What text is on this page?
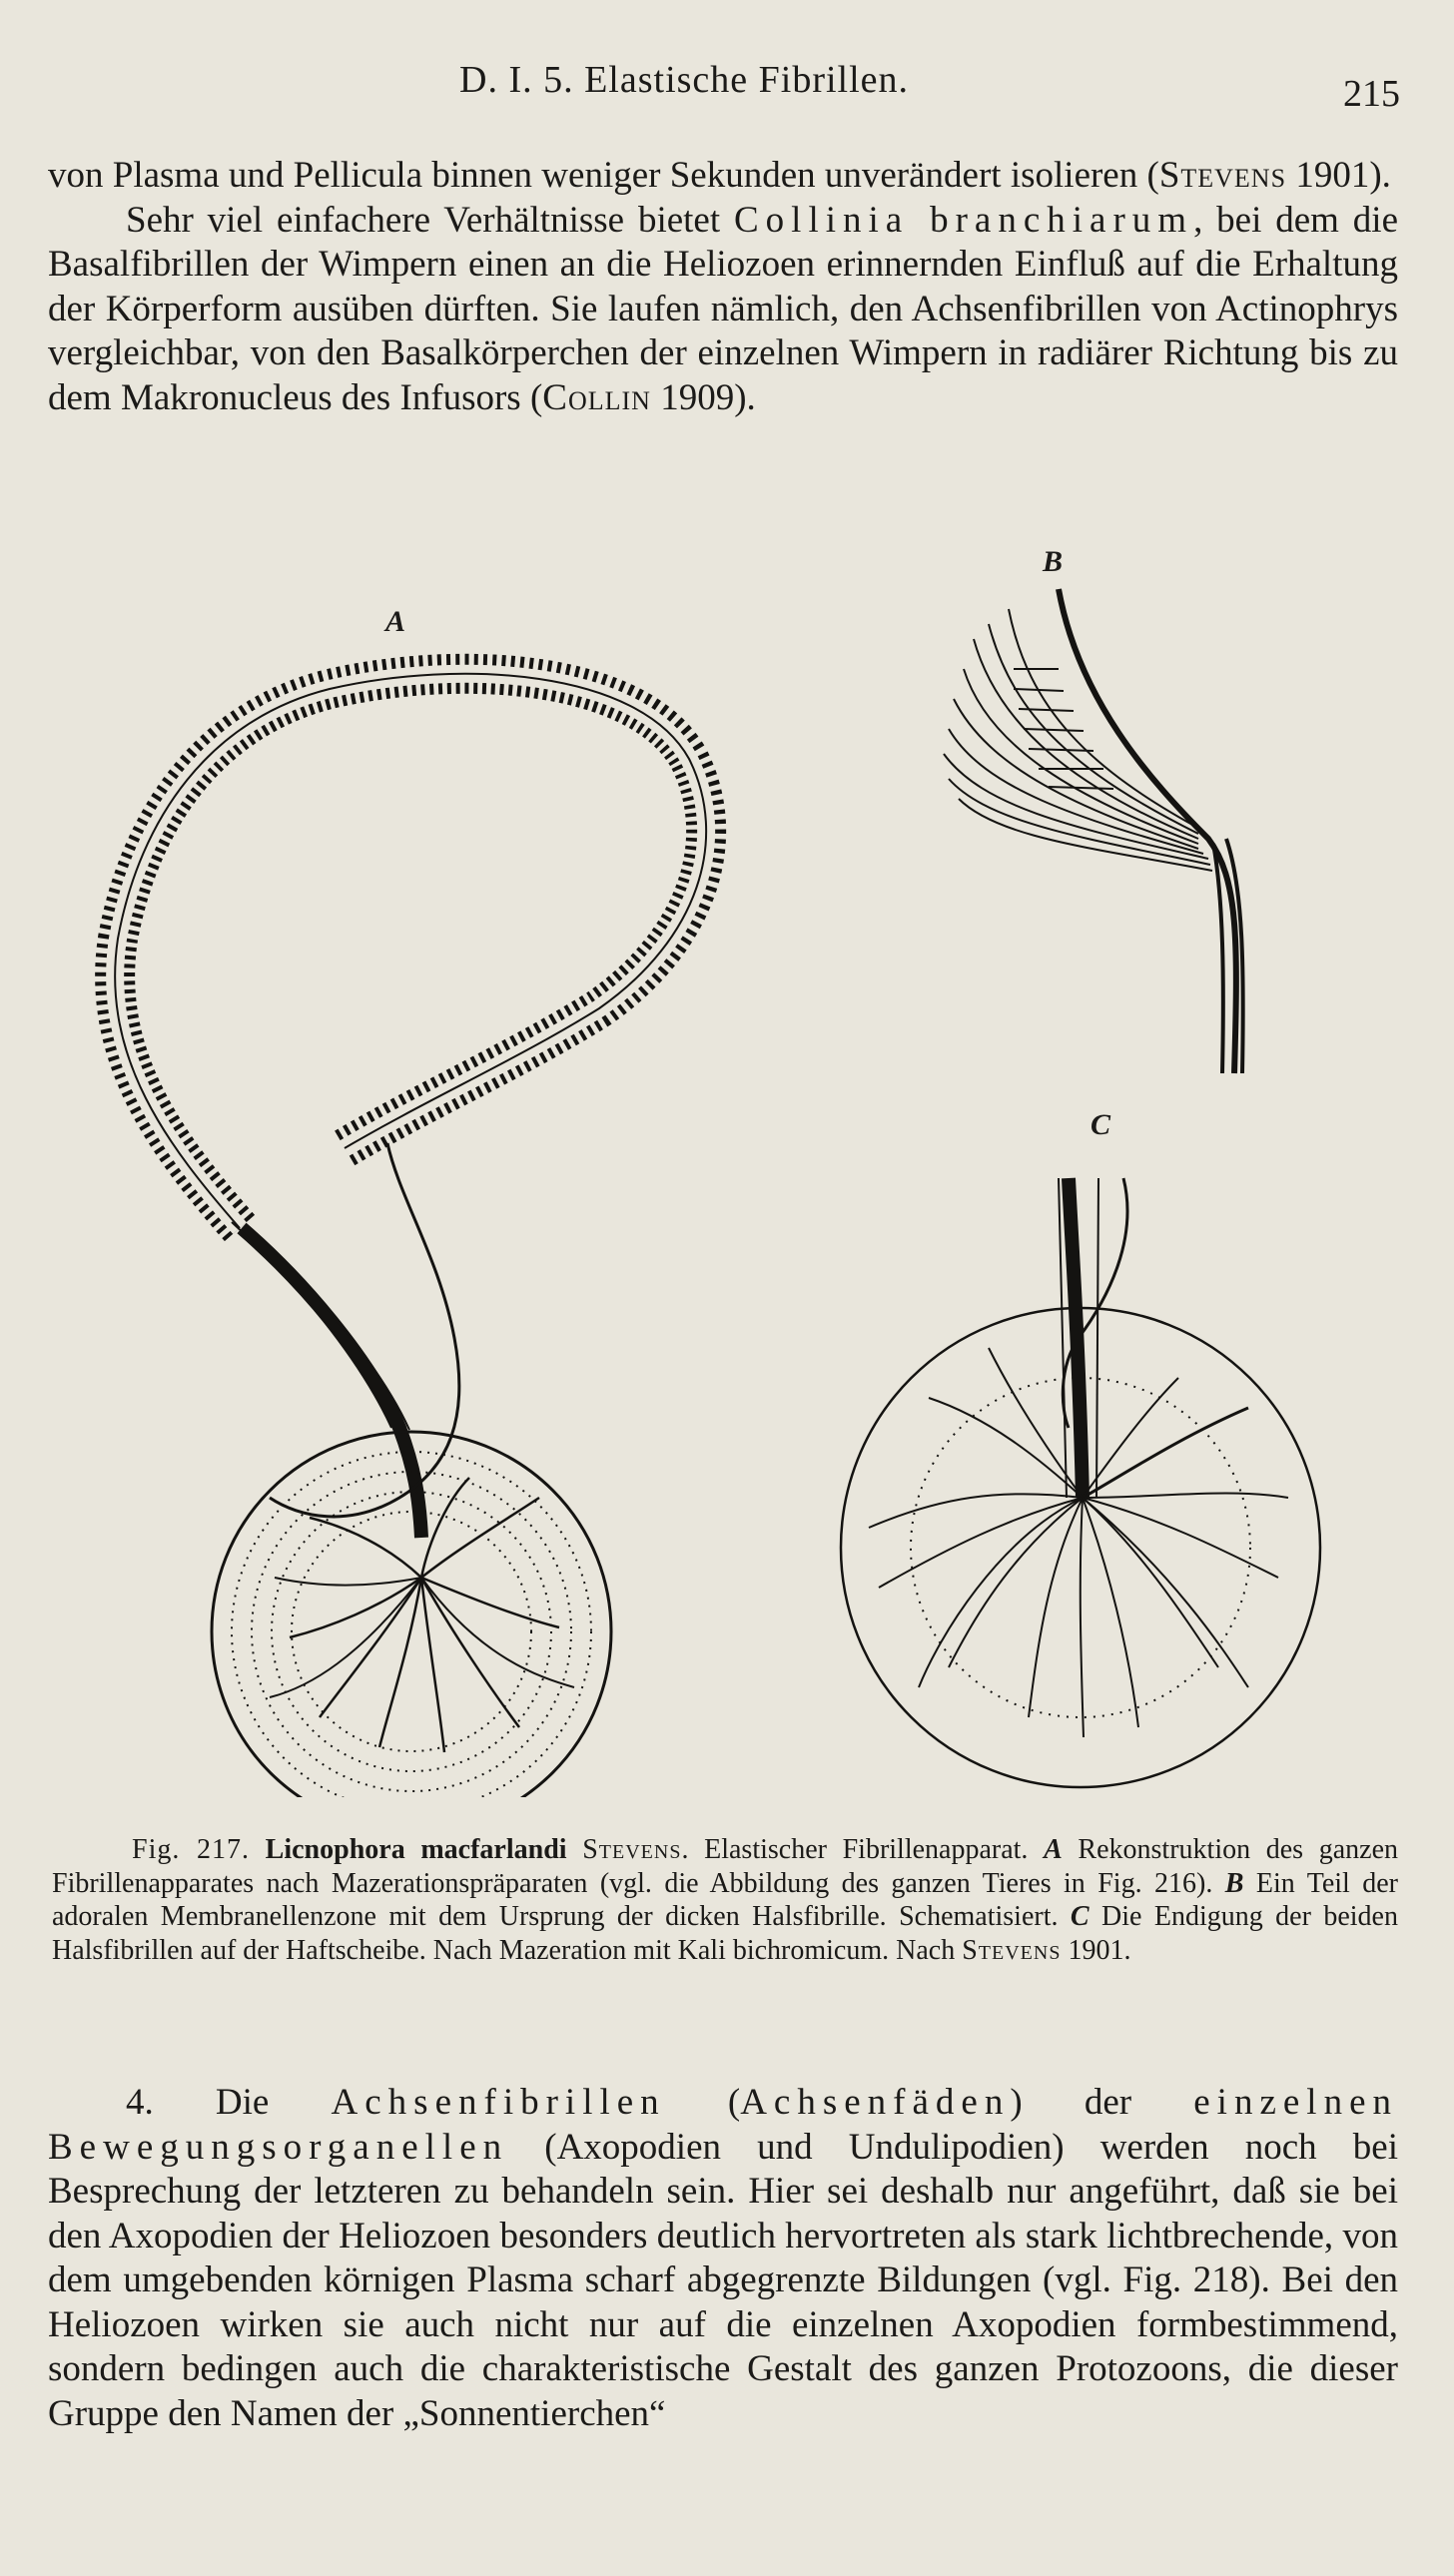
D. I. 5. Elastische Fibrillen.	215

von Plasma und Pellicula binnen weniger Sekunden unverändert isolieren (Stevens 1901).

Sehr viel einfachere Verhältnisse bietet Collinia branchiarum, bei dem die Basalfibrillen der Wimpern einen an die Heliozoen erinnernden Einfluß auf die Erhaltung der Körperform ausüben dürften. Sie laufen nämlich, den Achsenfibrillen von Actinophrys vergleichbar, von den Basalkörperchen der einzelnen Wimpern in radiärer Richtung bis zu dem Makronucleus des Infusors (Collin 1909).

A
B
C

Fig. 217. Licnophora macfarlandi Stevens. Elastischer Fibrillenapparat. A Rekonstruktion des ganzen Fibrillenapparates nach Mazerationspräparaten (vgl. die Abbildung des ganzen Tieres in Fig. 216). B Ein Teil der adoralen Membranellenzone mit dem Ursprung der dicken Halsfibrille. Schematisiert. C Die Endigung der beiden Halsfibrillen auf der Haftscheibe. Nach Mazeration mit Kali bichromicum. Nach Stevens 1901.

4. Die Achsenfibrillen (Achsenfäden) der einzelnen Bewegungsorganellen (Axopodien und Undulipodien) werden noch bei Besprechung der letzteren zu behandeln sein. Hier sei deshalb nur angeführt, daß sie bei den Axopodien der Heliozoen besonders deutlich hervortreten als stark lichtbrechende, von dem umgebenden körnigen Plasma scharf abgegrenzte Bildungen (vgl. Fig. 218). Bei den Heliozoen wirken sie auch nicht nur auf die einzelnen Axopodien formbestimmend, sondern bedingen auch die charakteristische Gestalt des ganzen Protozoons, die dieser Gruppe den Namen der „Sonnentierchen“
